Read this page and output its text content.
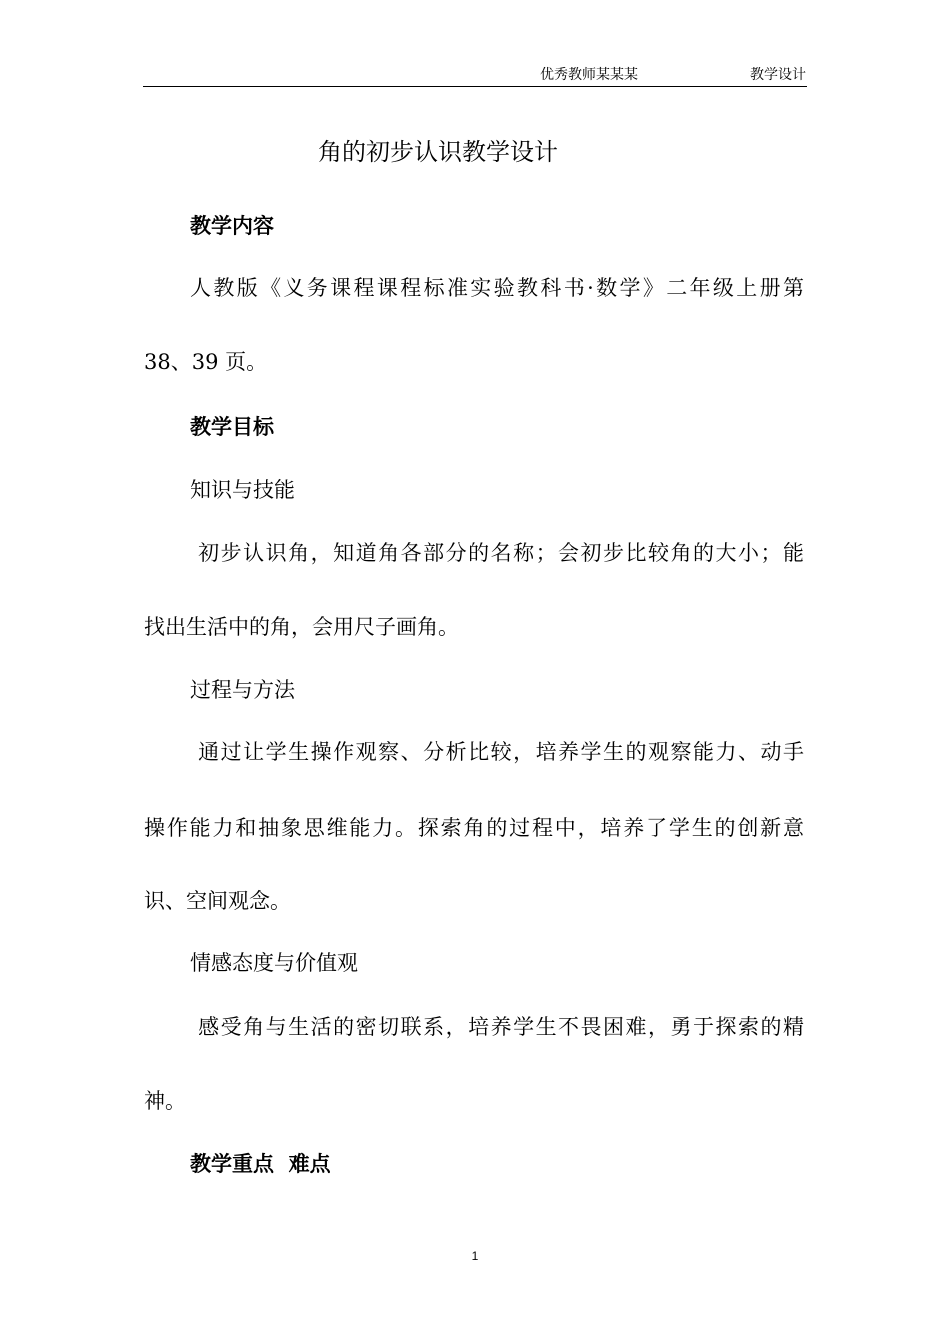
优秀教师某某某	教学设计
角的初步认识教学设计
教学内容
人教版《义务课程课程标准实验教科书·数学》二年级上册第
38、39 页。
教学目标
知识与技能
初步认识角，知道角各部分的名称；会初步比较角的大小；能
找出生活中的角，会用尺子画角。
过程与方法
通过让学生操作观察、分析比较，培养学生的观察能力、动手
操作能力和抽象思维能力。探索角的过程中，培养了学生的创新意
识、空间观念。
情感态度与价值观
感受角与生活的密切联系，培养学生不畏困难，勇于探索的精
神。
教学重点  难点
1
